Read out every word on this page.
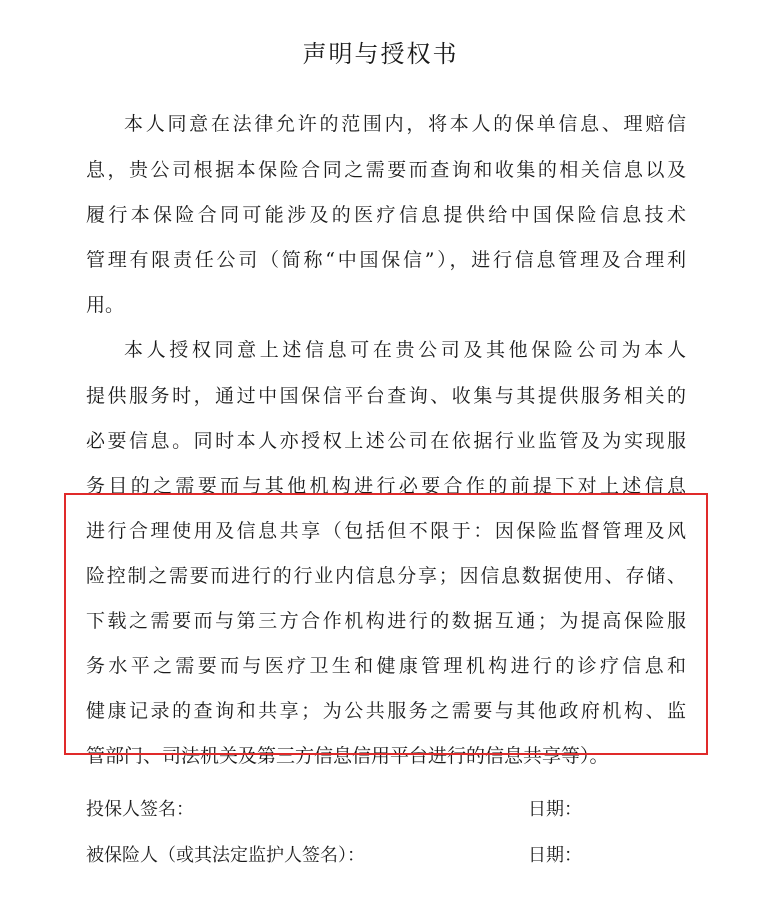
声明与授权书
本人同意在法律允许的范围内，将本人的保单信息、理赔信
息，贵公司根据本保险合同之需要而查询和收集的相关信息以及
履行本保险合同可能涉及的医疗信息提供给中国保险信息技术
管理有限责任公司（简称“中国保信”），进行信息管理及合理利
用。
本人授权同意上述信息可在贵公司及其他保险公司为本人
提供服务时，通过中国保信平台查询、收集与其提供服务相关的
必要信息。同时本人亦授权上述公司在依据行业监管及为实现服
务目的之需要而与其他机构进行必要合作的前提下对上述信息
进行合理使用及信息共享（包括但不限于：因保险监督管理及风
险控制之需要而进行的行业内信息分享；因信息数据使用、存储、
下载之需要而与第三方合作机构进行的数据互通；为提高保险服
务水平之需要而与医疗卫生和健康管理机构进行的诊疗信息和
健康记录的查询和共享；为公共服务之需要与其他政府机构、监
管部门、司法机关及第三方信息信用平台进行的信息共享等）。
投保人签名：	日期：
被保险人（或其法定监护人签名）：	日期：
